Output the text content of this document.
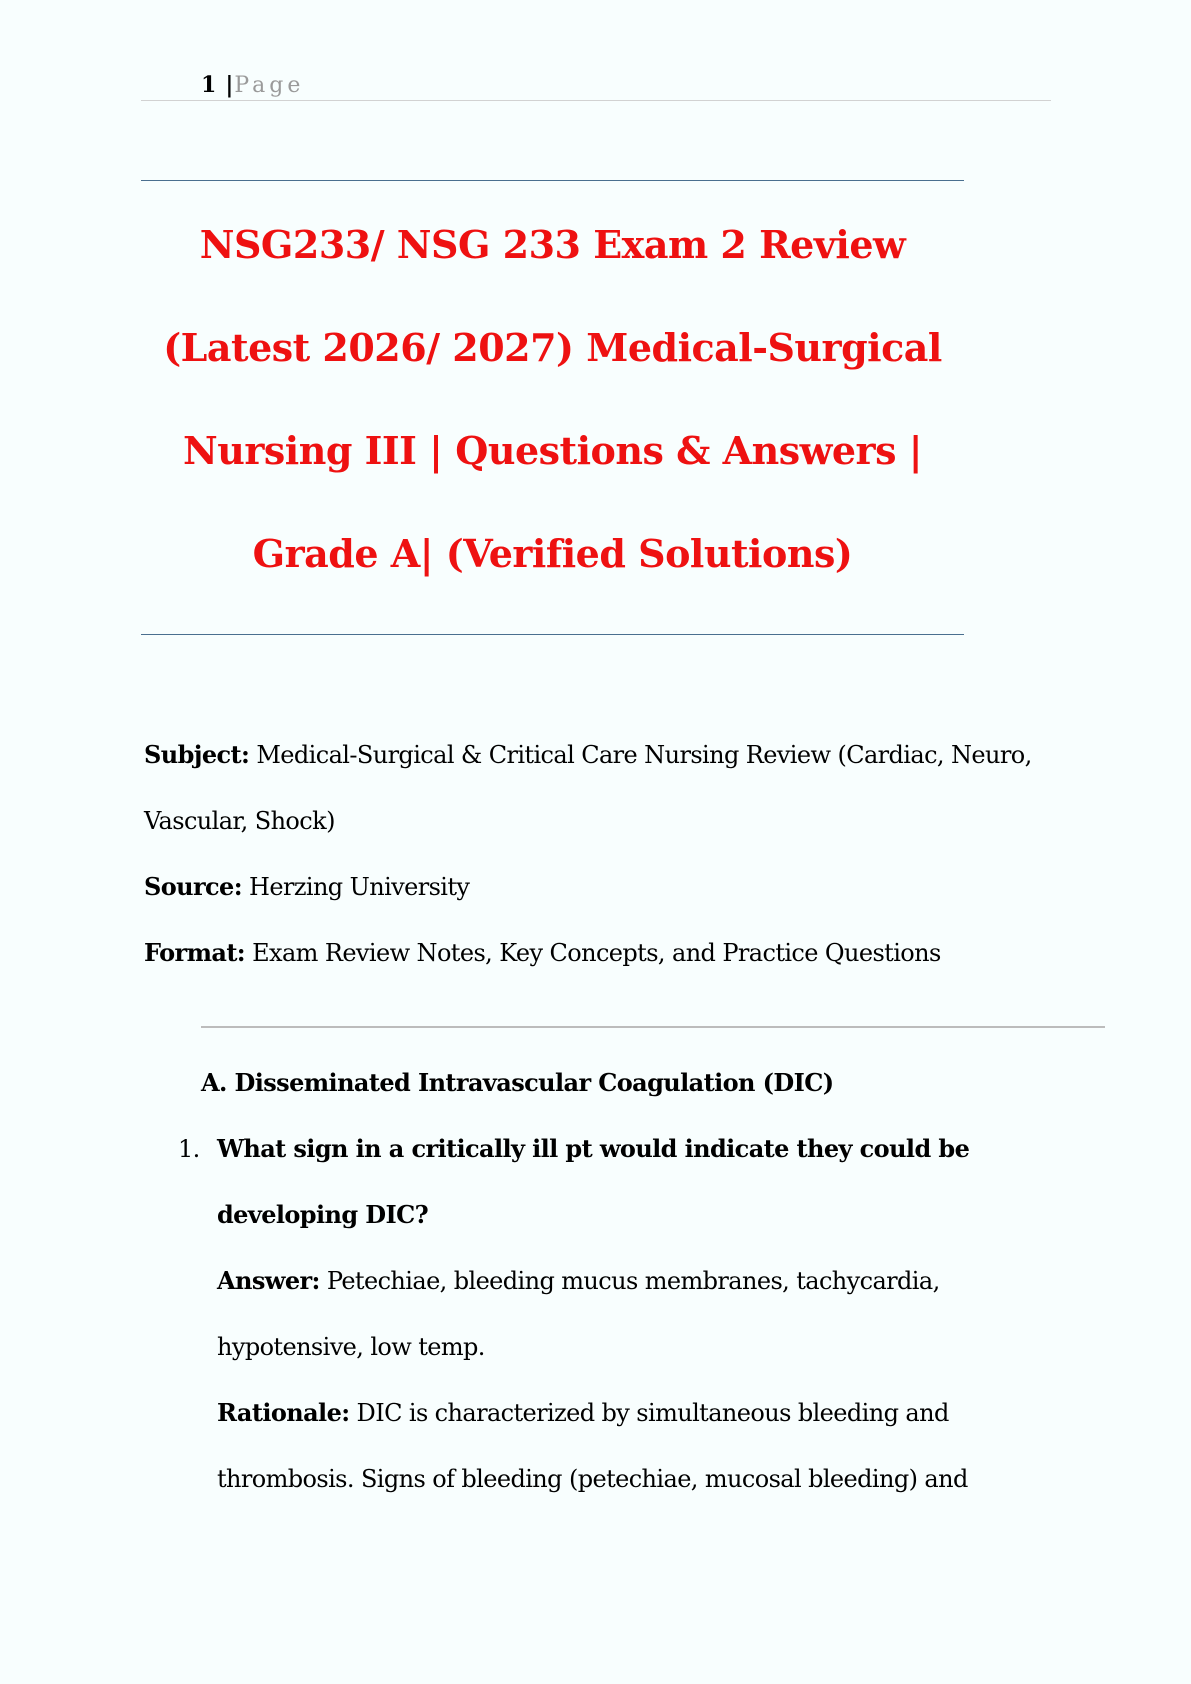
1 |Page
NSG233/ NSG 233 Exam 2 Review
(Latest 2026/ 2027) Medical-Surgical
Nursing III | Questions & Answers |
Grade A| (Verified Solutions)
Subject: Medical-Surgical & Critical Care Nursing Review (Cardiac, Neuro,
Vascular, Shock)
Source: Herzing University
Format: Exam Review Notes, Key Concepts, and Practice Questions
A. Disseminated Intravascular Coagulation (DIC)
1. What sign in a critically ill pt would indicate they could be
developing DIC?
Answer: Petechiae, bleeding mucus membranes, tachycardia,
hypotensive, low temp.
Rationale: DIC is characterized by simultaneous bleeding and
thrombosis. Signs of bleeding (petechiae, mucosal bleeding) and
